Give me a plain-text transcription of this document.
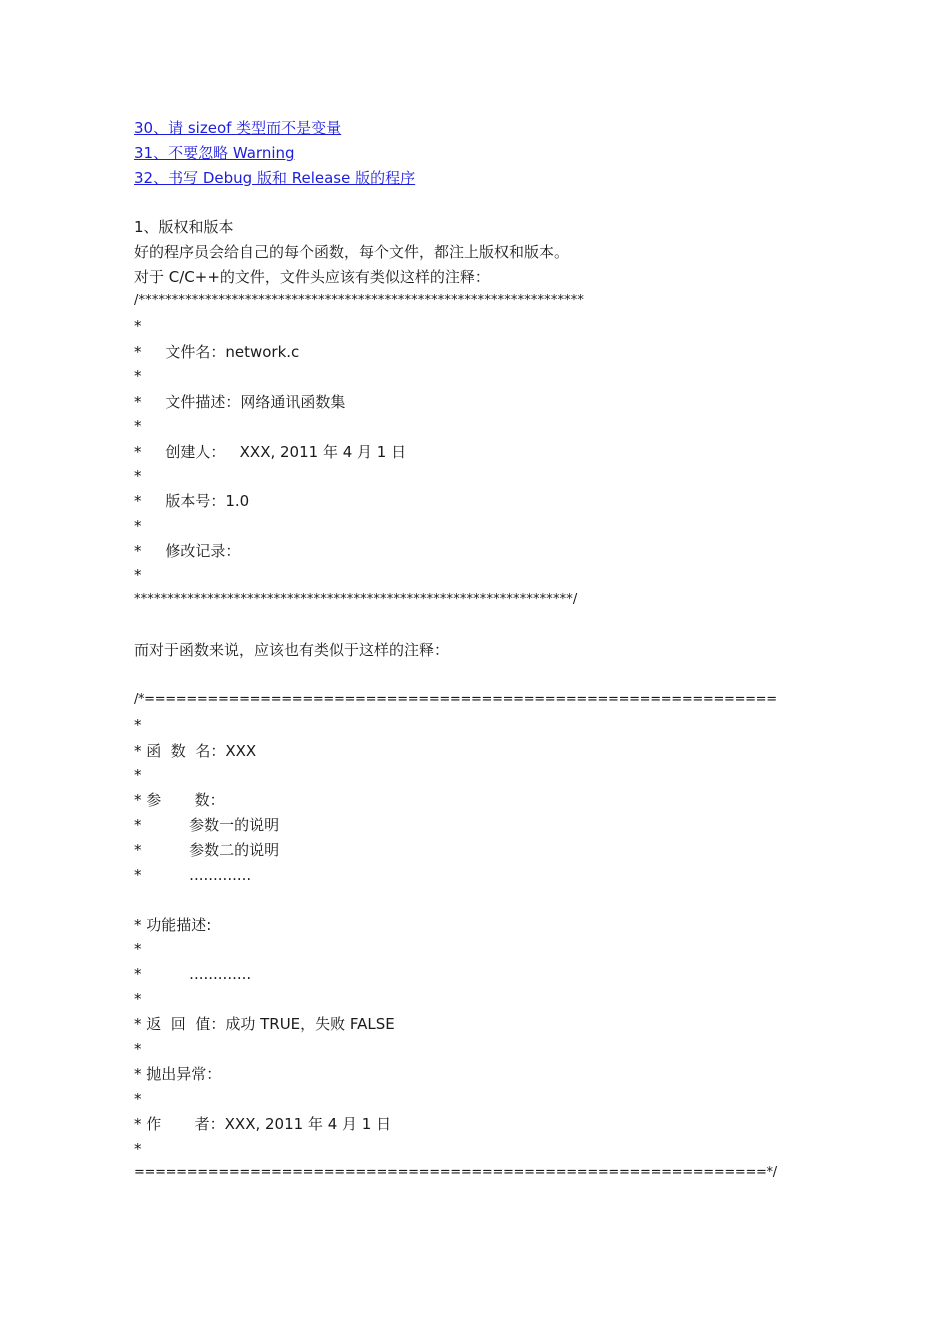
30、请 sizeof 类型而不是变量
31、不要忽略 Warning
32、书写 Debug 版和 Release 版的程序
1、版权和版本
好的程序员会给自己的每个函数，每个文件，都注上版权和版本。
对于 C/C++的文件，文件头应该有类似这样的注释：
/*******************************************************************
*
*     文件名：network.c
*
*     文件描述：网络通讯函数集
*
*     创建人：   XXX, 2011 年 4 月 1 日
*
*     版本号：1.0
*
*     修改记录：
*
******************************************************************/
而对于函数来说，应该也有类似于这样的注释：
/*============================================================
*
* 函  数  名：XXX
*
* 参       数：
*          参数一的说明
*          参数二的说明
*          .............
* 功能描述:
*
*          .............
*
* 返  回  值：成功 TRUE，失败 FALSE
*
* 抛出异常：
*
* 作       者：XXX, 2011 年 4 月 1 日
*
============================================================*/
